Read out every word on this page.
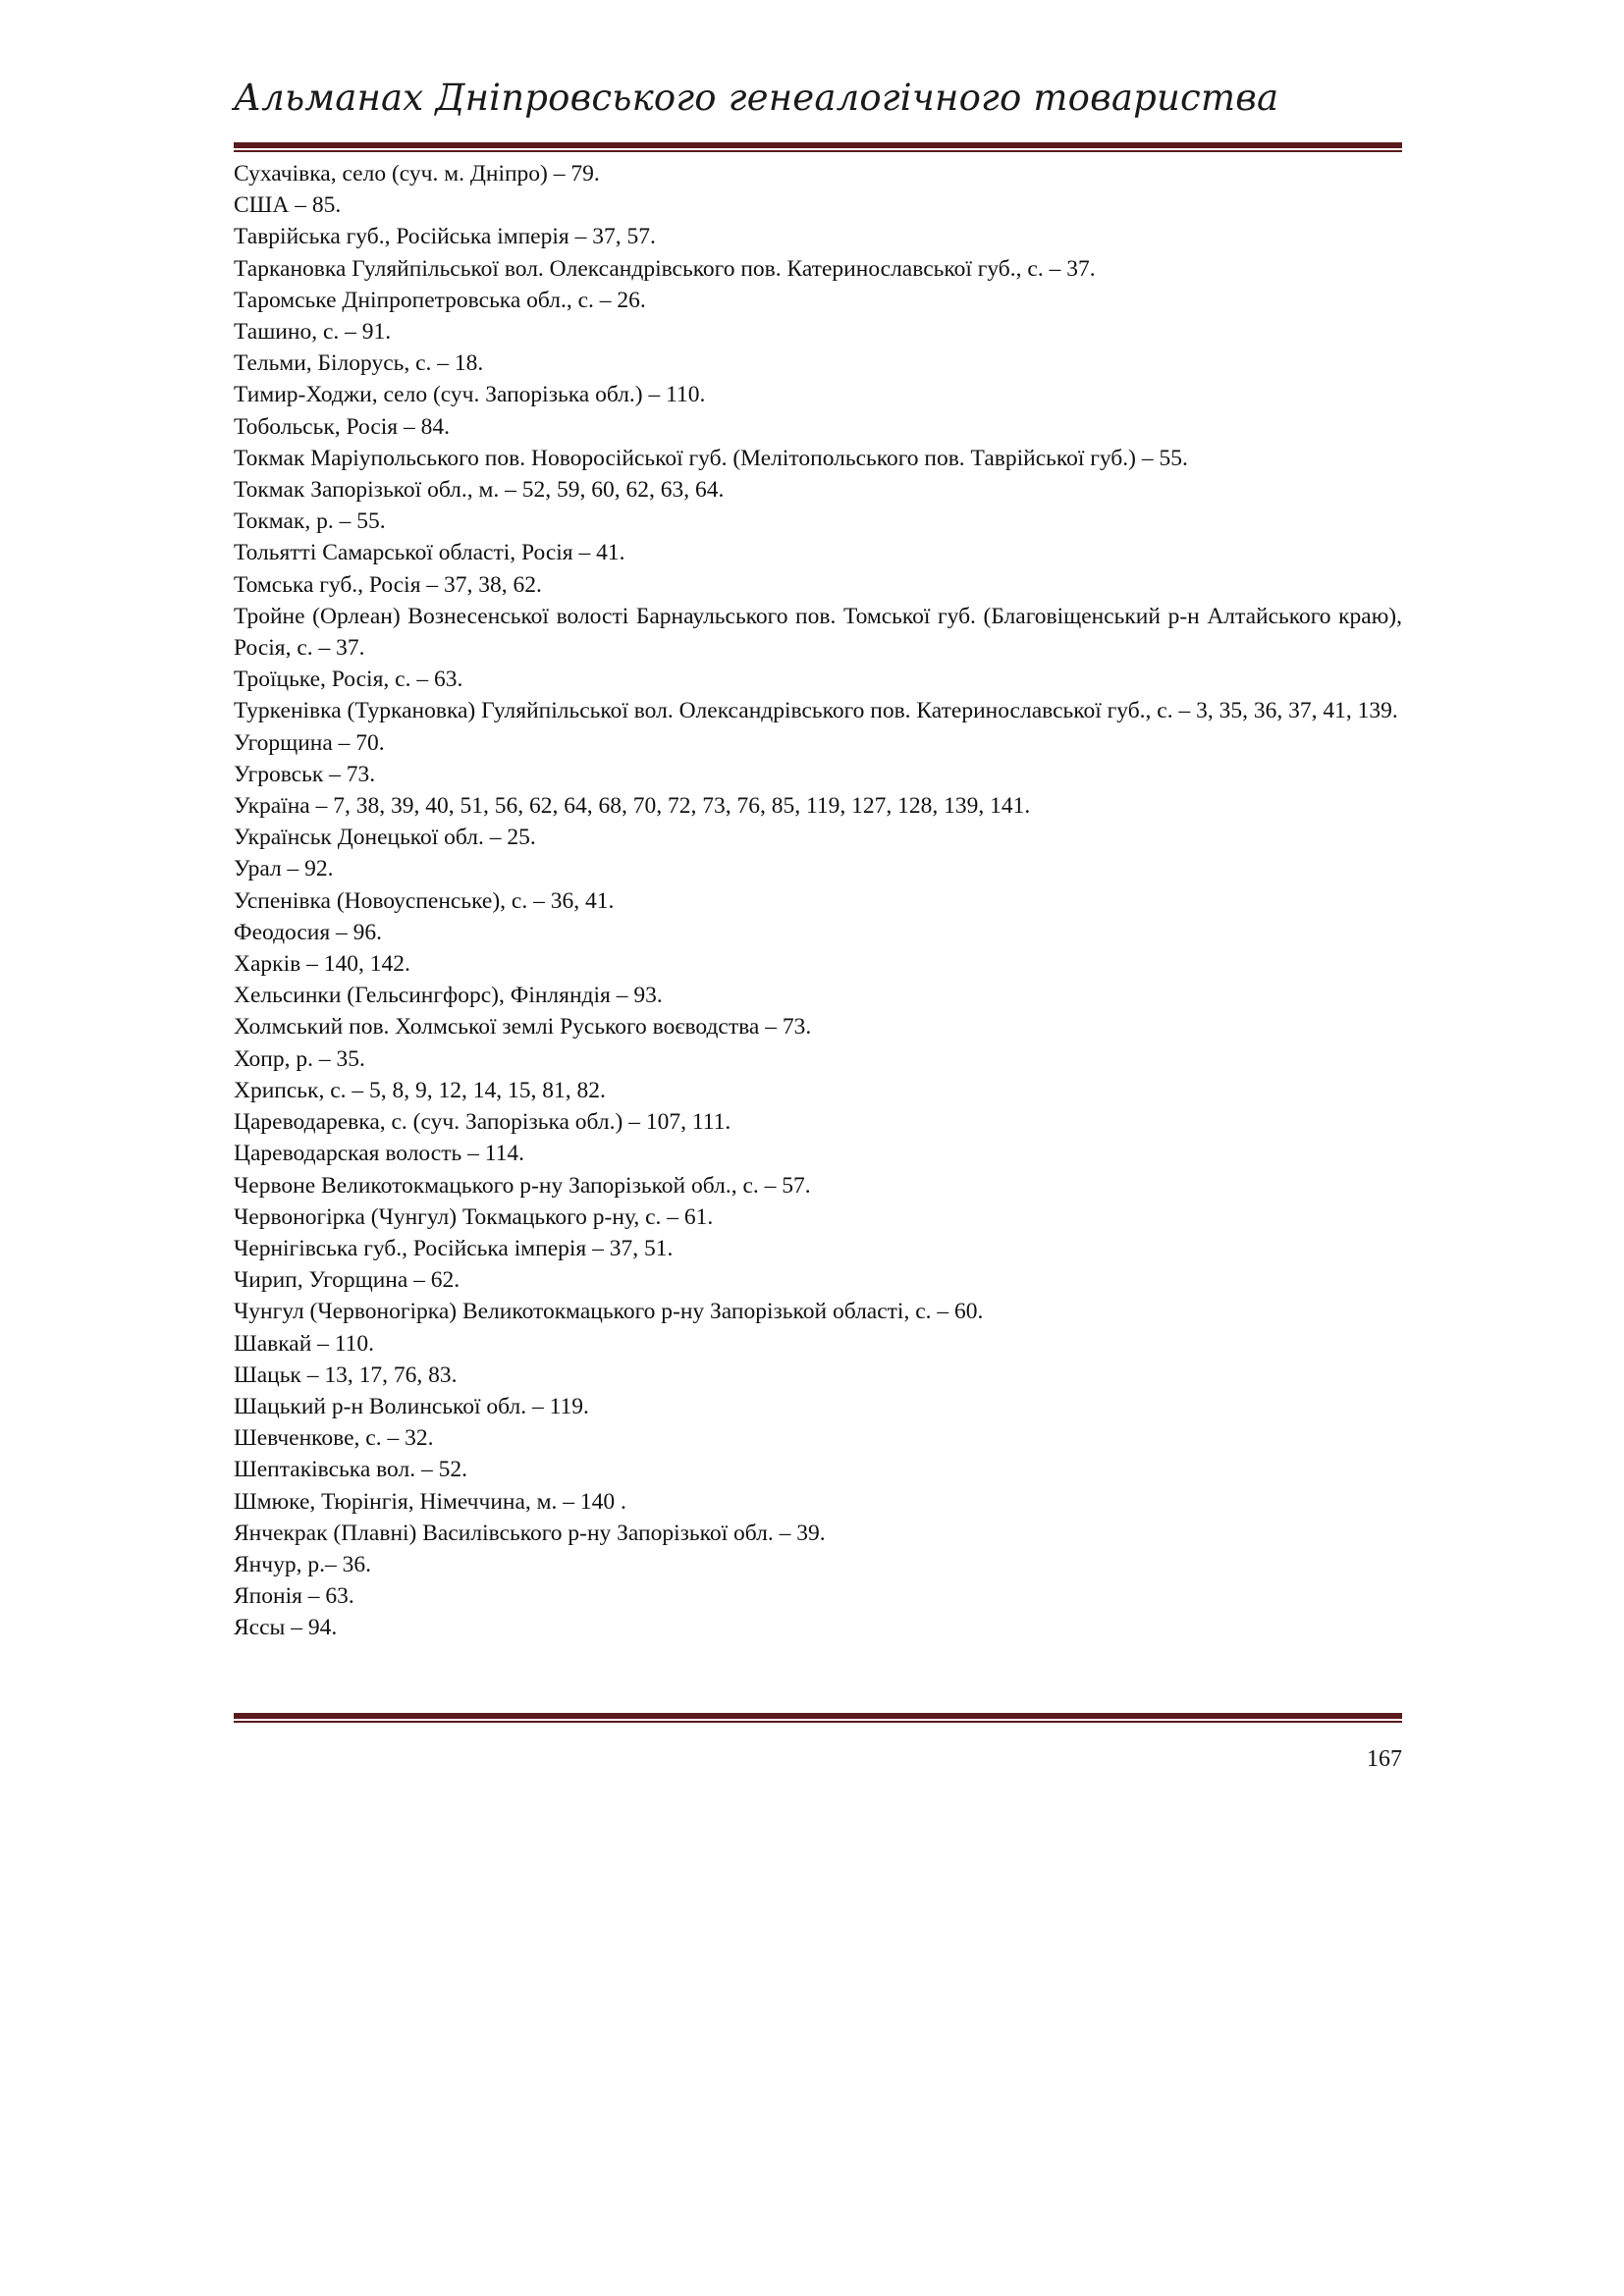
Альманах Дніпровського генеалогічного товариства
Сухачівка, село (суч. м. Дніпро) – 79.
США – 85.
Таврійська губ., Російська імперія – 37, 57.
Таркановка Гуляйпільської вол. Олександрівського пов. Катеринославської губ., с. – 37.
Таромське Дніпропетровська обл., с. – 26.
Ташино, с. – 91.
Тельми, Білорусь, с. – 18.
Тимир-Ходжи, село (суч. Запорізька обл.) – 110.
Тобольськ, Росія – 84.
Токмак Маріупольського пов. Новоросійської губ. (Мелітопольського пов. Таврійської губ.) – 55.
Токмак Запорізької обл., м. – 52, 59, 60, 62, 63, 64.
Токмак, р. – 55.
Тольятті Самарської області, Росія – 41.
Томська губ., Росія – 37, 38, 62.
Тройне (Орлеан) Вознесенської волості Барнаульського пов. Томської губ. (Благовіщенський р-н Алтайського краю), Росія, с. – 37.
Троїцьке, Росія, с. – 63.
Туркенівка (Туркановка) Гуляйпільської вол. Олександрівського пов. Катеринославської губ., с. – 3, 35, 36, 37, 41, 139.
Угорщина – 70.
Угровськ – 73.
Україна – 7, 38, 39, 40, 51, 56, 62, 64, 68, 70, 72, 73, 76, 85, 119, 127, 128, 139, 141.
Українськ Донецької обл. – 25.
Урал – 92.
Успенівка (Новоуспенське), с. – 36, 41.
Феодосия – 96.
Харків – 140, 142.
Хельсинки (Гельсингфорс), Фінляндія – 93.
Холмський пов. Холмської землі Руського воєводства – 73.
Хопр, р. – 35.
Хрипськ, с. – 5, 8, 9, 12, 14, 15, 81, 82.
Цареводаревка, с. (суч. Запорізька обл.) – 107, 111.
Цареводарская волость – 114.
Червоне Великотокмацького р-ну Запорізькой обл., с. – 57.
Червоногірка (Чунгул) Токмацького р-ну, с. – 61.
Чернігівська губ., Російська імперія – 37, 51.
Чирип, Угорщина – 62.
Чунгул (Червоногірка) Великотокмацького р-ну Запорізькой області, с. – 60.
Шавкай – 110.
Шацьк – 13, 17, 76, 83.
Шацький р-н Волинської обл. – 119.
Шевченкове, с. – 32.
Шептаківська вол. – 52.
Шмюке, Тюрінгія, Німеччина, м. – 140 .
Янчекрак (Плавні) Василівського р-ну Запорізької обл. – 39.
Янчур, р.– 36.
Японія – 63.
Яссы – 94.
167
